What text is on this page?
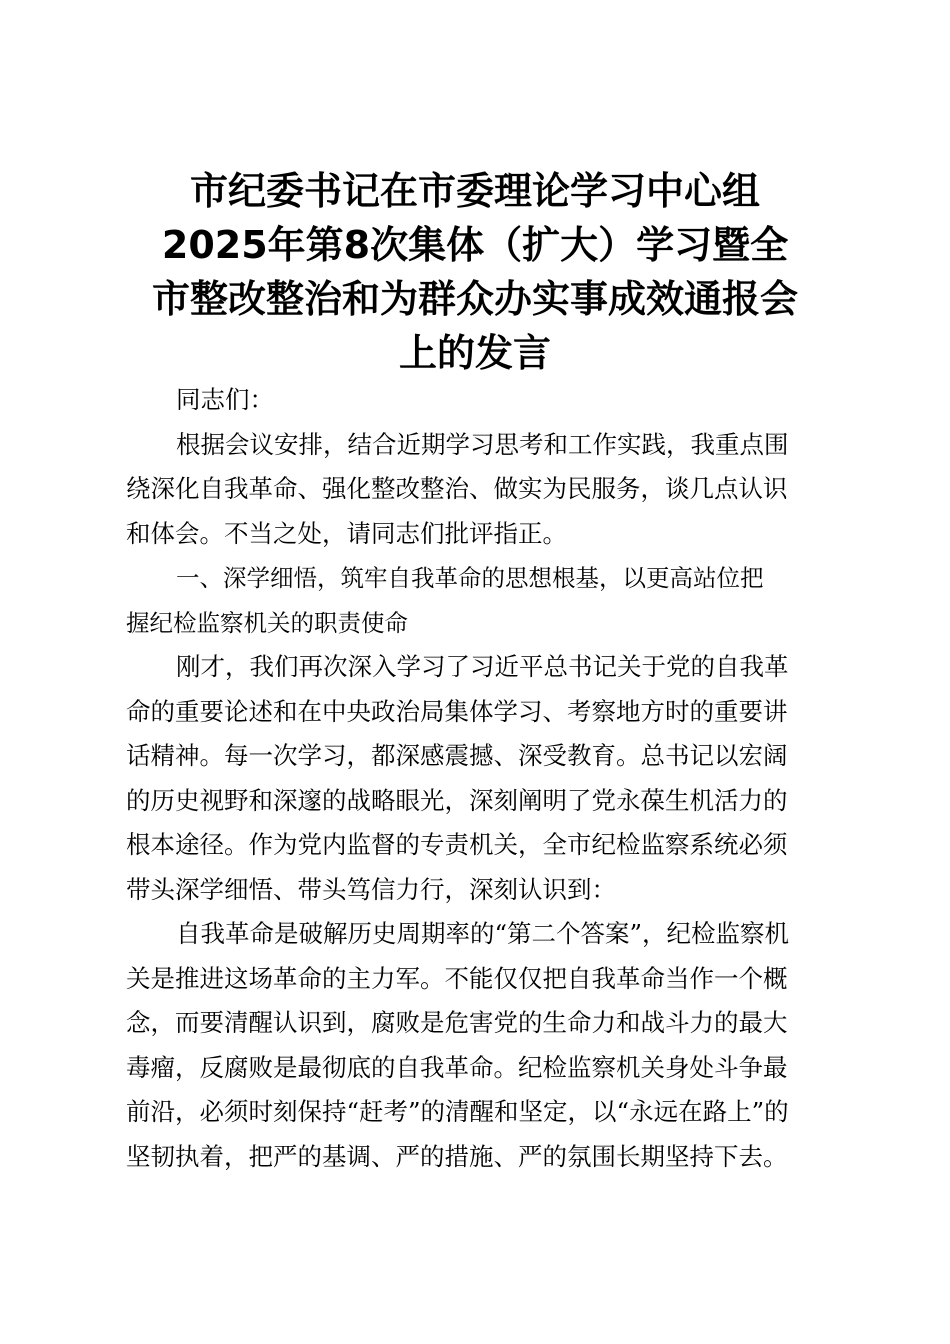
市纪委书记在市委理论学习中心组
2025年第8次集体（扩大）学习暨全
市整改整治和为群众办实事成效通报会
上的发言
同志们：
根据会议安排，结合近期学习思考和工作实践，我重点围
绕深化自我革命、强化整改整治、做实为民服务，谈几点认识
和体会。不当之处，请同志们批评指正。
一、深学细悟，筑牢自我革命的思想根基，以更高站位把
握纪检监察机关的职责使命
刚才，我们再次深入学习了习近平总书记关于党的自我革
命的重要论述和在中央政治局集体学习、考察地方时的重要讲
话精神。每一次学习，都深感震撼、深受教育。总书记以宏阔
的历史视野和深邃的战略眼光，深刻阐明了党永葆生机活力的
根本途径。作为党内监督的专责机关，全市纪检监察系统必须
带头深学细悟、带头笃信力行，深刻认识到：
自我革命是破解历史周期率的“第二个答案”，纪检监察机
关是推进这场革命的主力军。不能仅仅把自我革命当作一个概
念，而要清醒认识到，腐败是危害党的生命力和战斗力的最大
毒瘤，反腐败是最彻底的自我革命。纪检监察机关身处斗争最
前沿，必须时刻保持“赶考”的清醒和坚定，以“永远在路上”的
坚韧执着，把严的基调、严的措施、严的氛围长期坚持下去。
